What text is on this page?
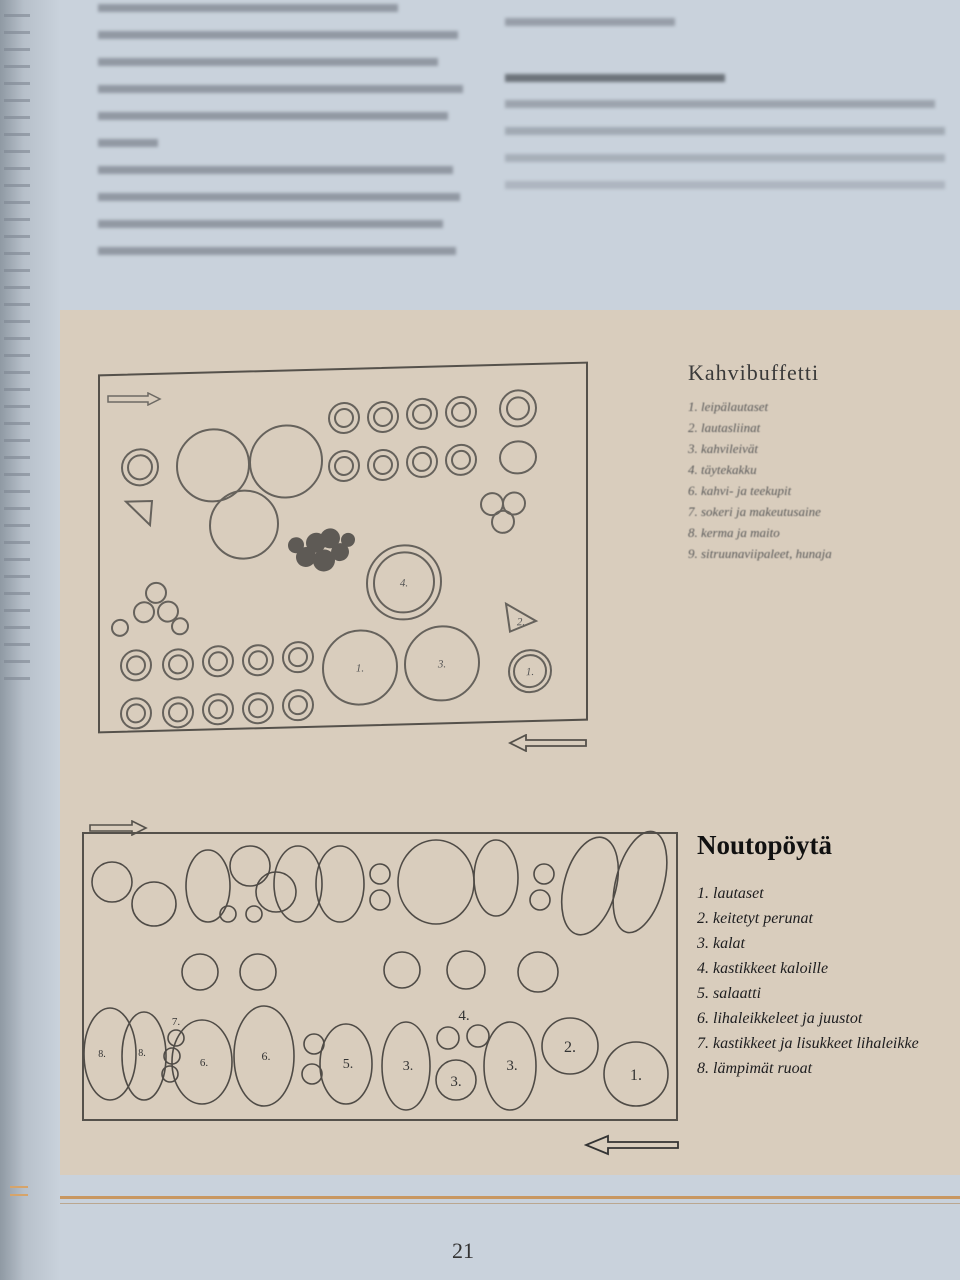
1.	3.
4.
2.
1.
Kahvibuffetti
1. leipälautaset
2. lautasliinat
3. kahvileivät
4. täytekakku
6. kahvi- ja teekupit
7. sokeri ja makeutusaine
8. kerma ja maito
9. sitruunaviipaleet, hunaja
8.	8.
7.
6.	6.
5.	3.
4.
3.
3.
2.
1.
Noutopöytä
1. lautaset
2. keitetyt perunat
3. kalat
4. kastikkeet kaloille
5. salaatti
6. lihaleikkeleet ja juustot
7. kastikkeet ja lisukkeet lihaleikke
8. lämpimät ruoat
21
